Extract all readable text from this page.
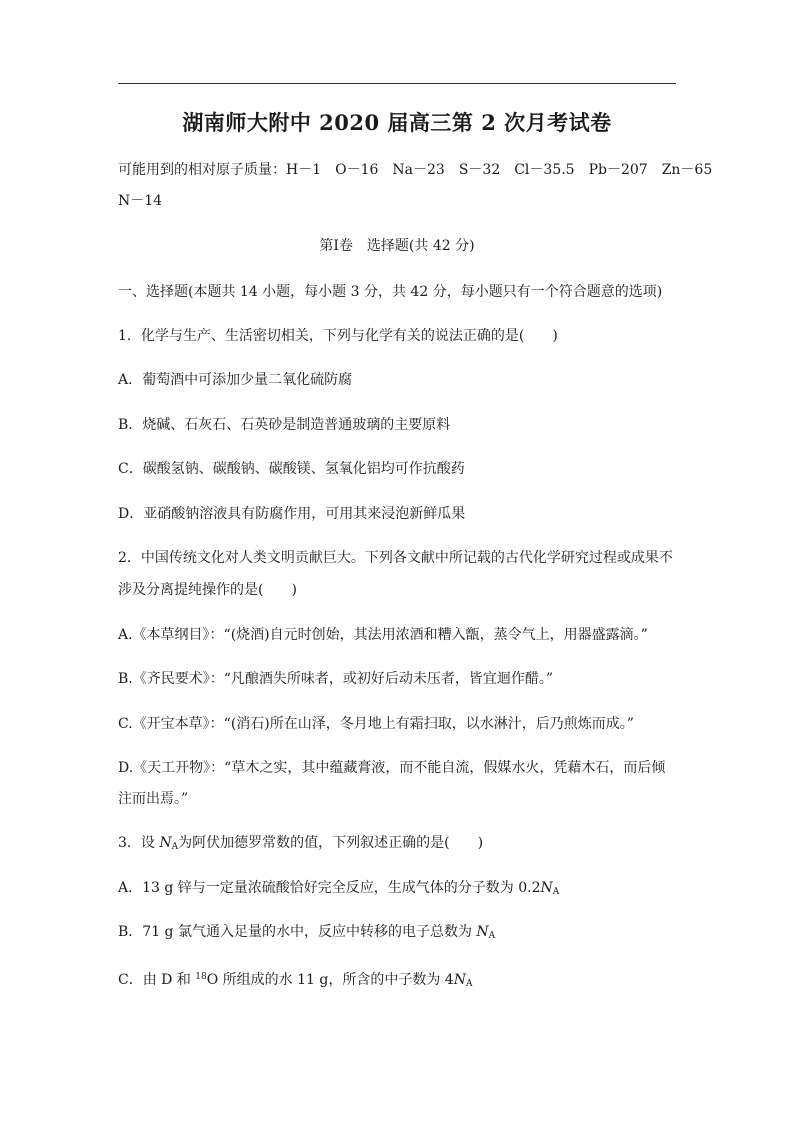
湖南师大附中 2020 届高三第 2 次月考试卷
可能用到的相对原子质量：H－1　O－16　Na－23　S－32　Cl－35.5　Pb－207　Zn－65
N－14
第Ⅰ卷　选择题(共 42 分)
一、选择题(本题共 14 小题，每小题 3 分，共 42 分，每小题只有一个符合题意的选项)
1．化学与生产、生活密切相关，下列与化学有关的说法正确的是(　　)
A．葡萄酒中可添加少量二氧化硫防腐
B．烧碱、石灰石、石英砂是制造普通玻璃的主要原料
C．碳酸氢钠、碳酸钠、碳酸镁、氢氧化铝均可作抗酸药
D．亚硝酸钠溶液具有防腐作用，可用其来浸泡新鲜瓜果
2．中国传统文化对人类文明贡献巨大。下列各文献中所记载的古代化学研究过程或成果不
涉及分离提纯操作的是(　　)
A.《本草纲目》：“(烧酒)自元时创始，其法用浓酒和糟入甑，蒸令气上，用器盛露滴。”
B.《齐民要术》：“凡酿酒失所味者，或初好后动未压者，皆宜迴作醋。”
C.《开宝本草》：“(消石)所在山泽，冬月地上有霜扫取，以水淋汁，后乃煎炼而成。”
D.《天工开物》：“草木之实，其中蕴藏膏液，而不能自流，假媒水火，凭藉木石，而后倾
注而出焉。”
3．设 $N_A$为阿伏加德罗常数的值，下列叙述正确的是(　　)
A．13 g 锌与一定量浓硫酸恰好完全反应，生成气体的分子数为 $0.2N_A$
B．71 g 氯气通入足量的水中，反应中转移的电子总数为 $N_A$
C．由 D 和 $^{18}$O 所组成的水 11 g，所含的中子数为 $4N_A$
